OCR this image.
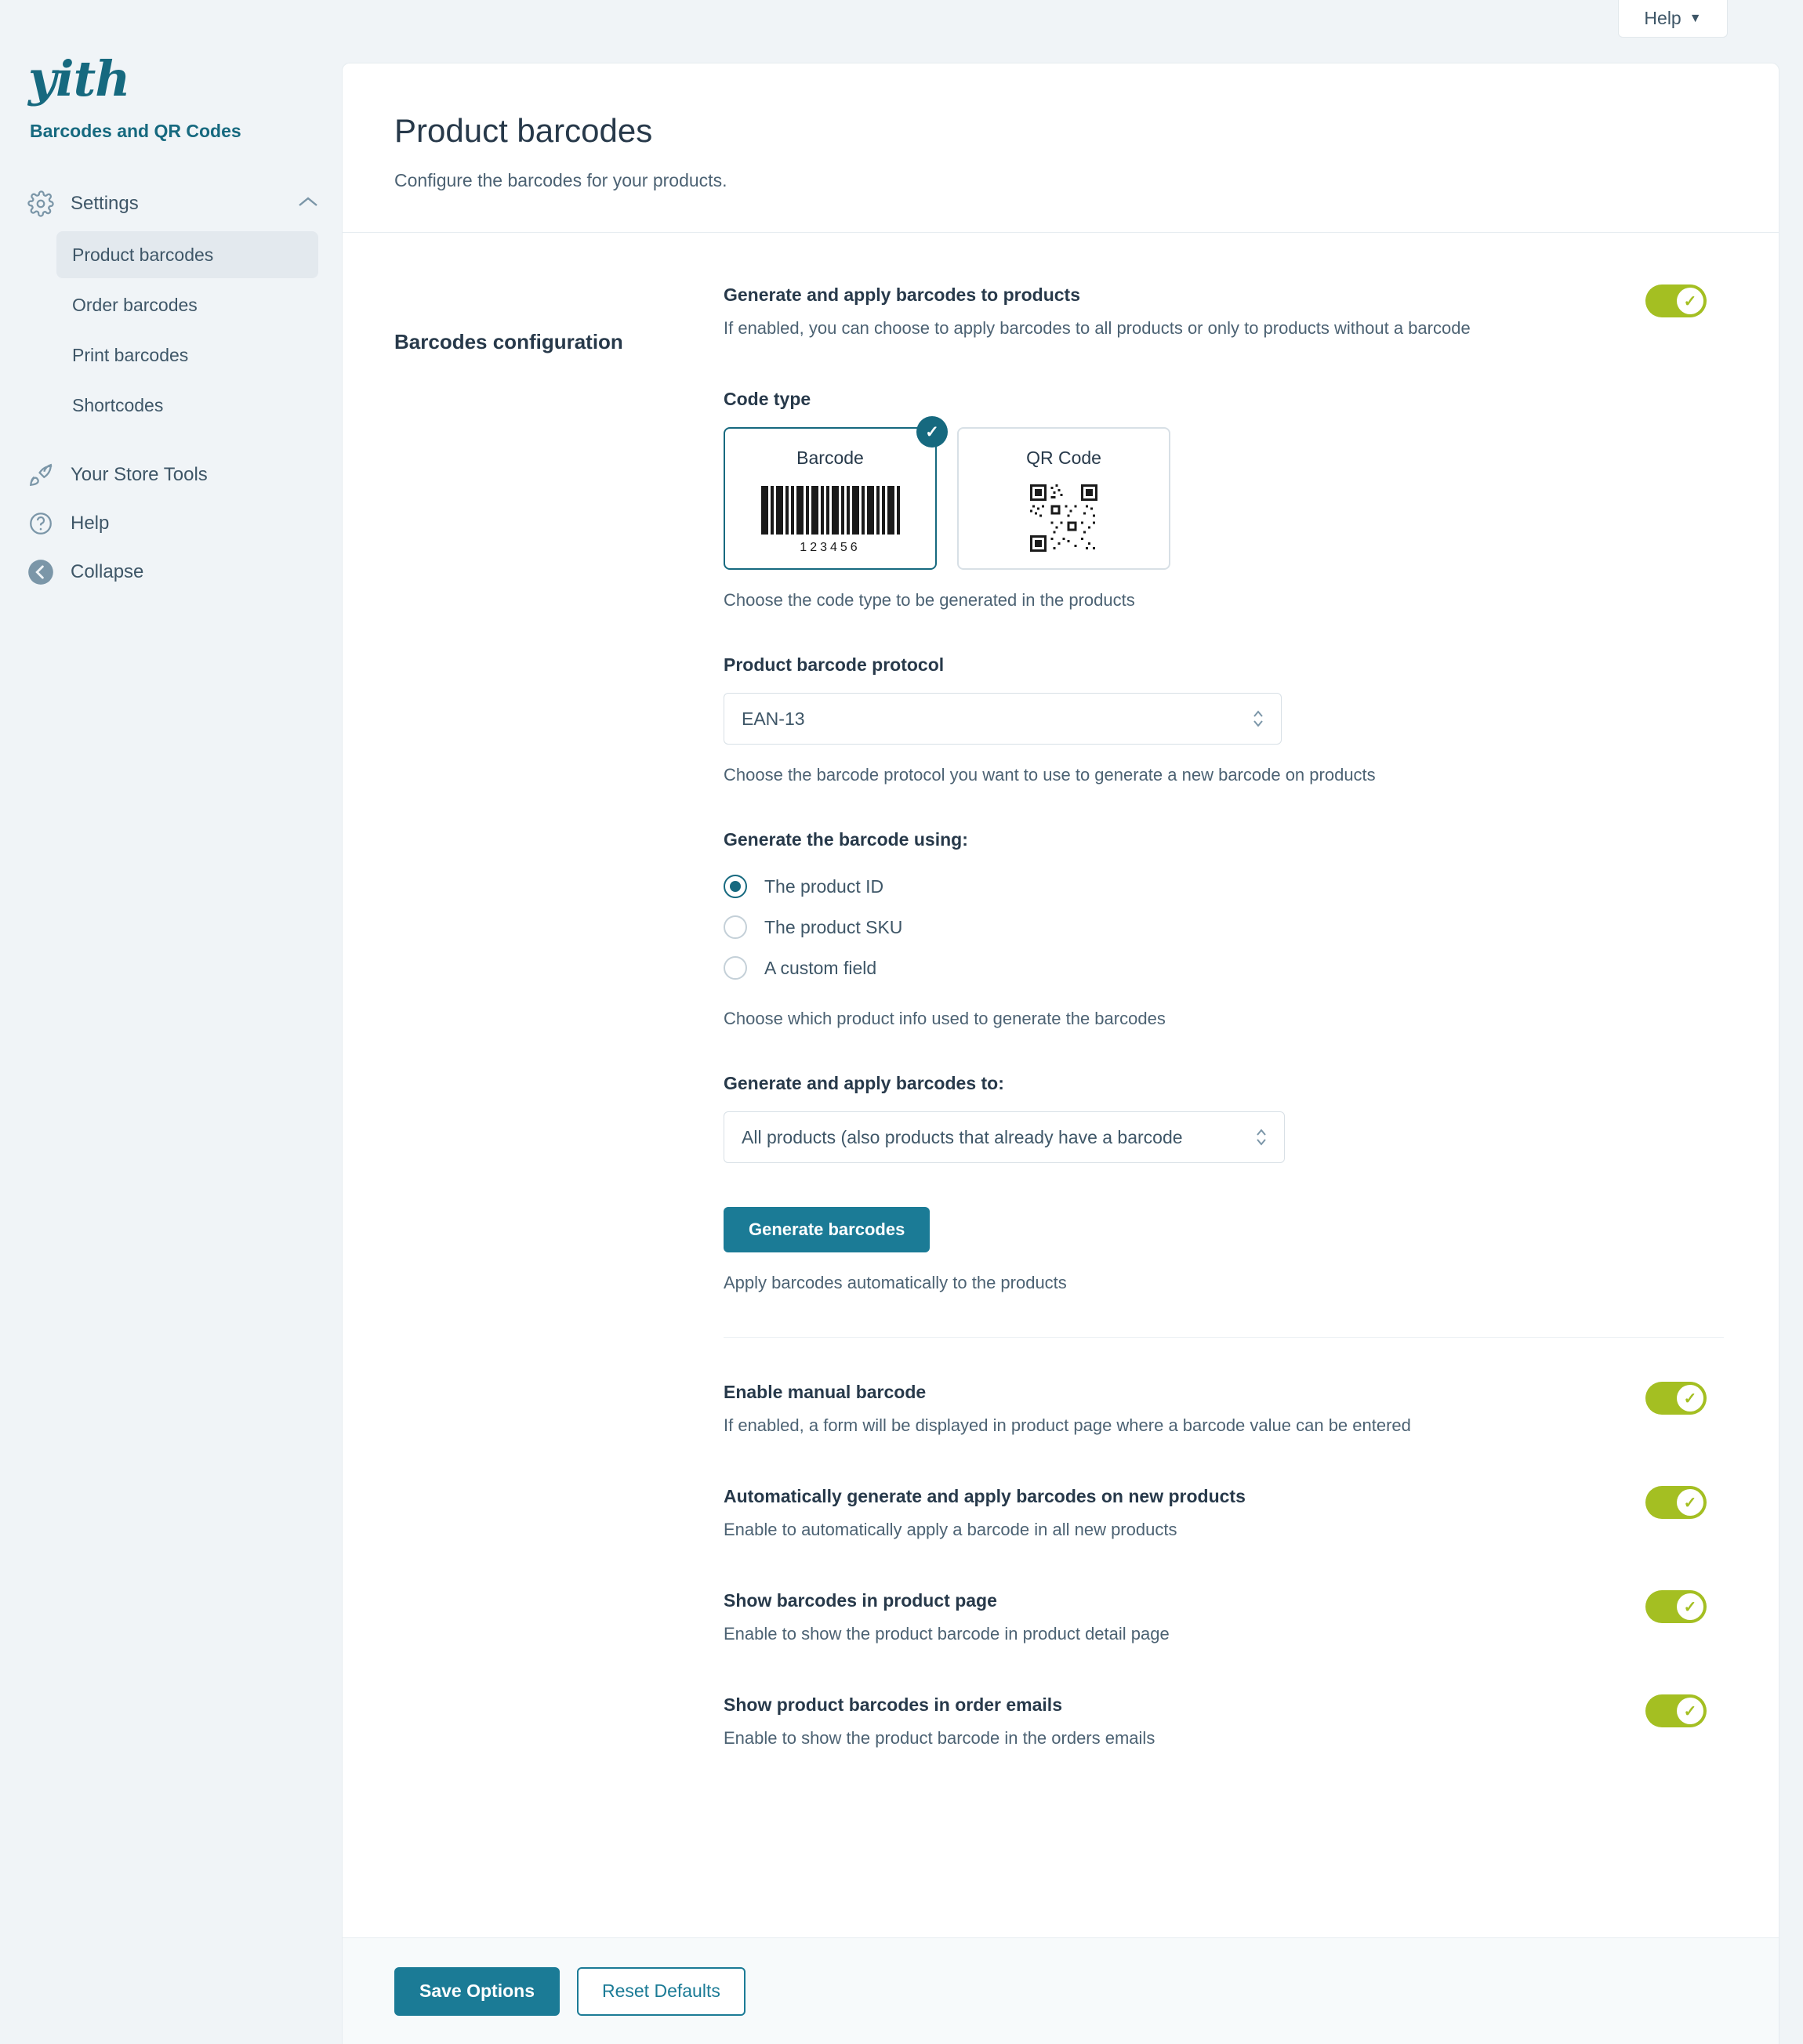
Help ▼
yith
Barcodes and QR Codes
Settings
Product barcodes
Order barcodes
Print barcodes
Shortcodes
Your Store Tools
Help
Collapse
Product barcodes
Configure the barcodes for your products.
Barcodes configuration
Generate and apply barcodes to products
If enabled, you can choose to apply barcodes to all products or only to products without a barcode
✓
Code type
✓
Barcode
123456
QR Code
Choose the code type to be generated in the products
Product barcode protocol
EAN-13
Choose the barcode protocol you want to use to generate a new barcode on products
Generate the barcode using:
The product ID
The product SKU
A custom field
Choose which product info used to generate the barcodes
Generate and apply barcodes to:
All products (also products that already have a barcode
Generate barcodes
Apply barcodes automatically to the products
Enable manual barcode
If enabled, a form will be displayed in product page where a barcode value can be entered
✓
Automatically generate and apply barcodes on new products
Enable to automatically apply a barcode in all new products
✓
Show barcodes in product page
Enable to show the product barcode in product detail page
✓
Show product barcodes in order emails
Enable to show the product barcode in the orders emails
✓
Save Options	Reset Defaults
